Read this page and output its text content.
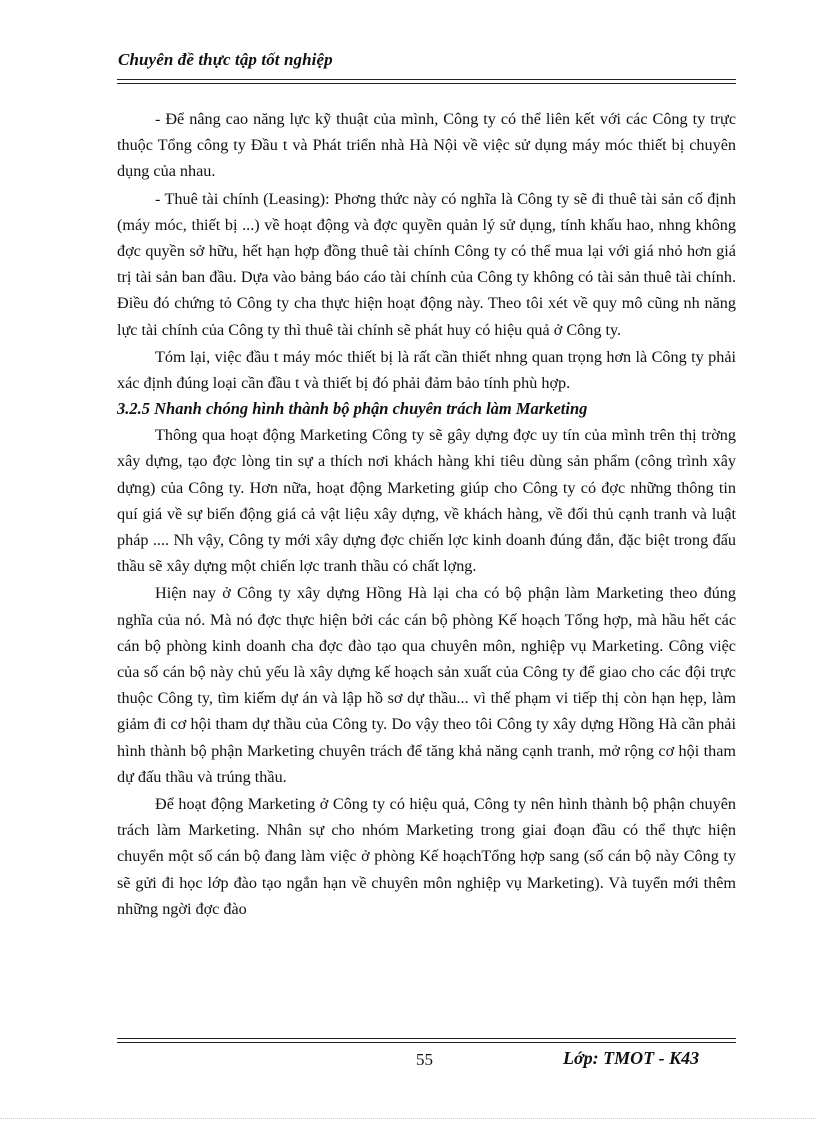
Chuyên đề thực tập tốt nghiệp

- Để nâng cao năng lực kỹ thuật của mình, Công ty có thể liên kết với các Công ty trực thuộc Tổng công ty Đầu t và Phát triển nhà Hà Nội về việc sử dụng máy móc thiết bị chuyên dụng của nhau.

- Thuê tài chính (Leasing): Phơng thức này có nghĩa là Công ty sẽ đi thuê tài sản cố định (máy móc, thiết bị ...) về hoạt động và đợc quyền quản lý sử dụng, tính khấu hao, nhng không đợc quyền sở hữu, hết hạn hợp đồng thuê tài chính Công ty có thể mua lại với giá nhỏ hơn giá trị tài sản ban đầu. Dựa vào bảng báo cáo tài chính của Công ty không có tài sản thuê tài chính. Điều đó chứng tỏ Công ty cha thực hiện hoạt động này. Theo tôi xét về quy mô cũng nh năng lực tài chính của Công ty thì thuê tài chính sẽ phát huy có hiệu quả ở Công ty.

Tóm lại, việc đầu t máy móc thiết bị là rất cần thiết nhng quan trọng hơn là Công ty phải xác định đúng loại cần đầu t và thiết bị đó phải đảm bảo tính phù hợp.

3.2.5 Nhanh chóng hình thành bộ phận chuyên trách làm Marketing

Thông qua hoạt động Marketing Công ty sẽ gây dựng đợc uy tín của mình trên thị trờng xây dựng, tạo đợc lòng tin sự a thích nơi khách hàng khi tiêu dùng sản phẩm (công trình xây dựng) của Công ty. Hơn nữa, hoạt động Marketing giúp cho Công ty có đợc những thông tin quí giá về sự biến động giá cả vật liệu xây dựng, về khách hàng, về đối thủ cạnh tranh và luật pháp .... Nh vậy, Công ty mới xây dựng đợc chiến lợc kinh doanh đúng đắn, đặc biệt trong đấu thầu sẽ xây dựng một chiến lợc tranh thầu có chất lợng.

Hiện nay ở Công ty xây dựng Hồng Hà lại cha có bộ phận làm Marketing theo đúng nghĩa của nó. Mà nó đợc thực hiện bởi các cán bộ phòng Kế hoạch Tổng hợp, mà hầu hết các cán bộ phòng kinh doanh cha đợc đào tạo qua chuyên môn, nghiệp vụ Marketing. Công việc của số cán bộ này chủ yếu là xây dựng kế hoạch sản xuất của Công ty để giao cho các đội trực thuộc Công ty, tìm kiếm dự án và lập hồ sơ dự thầu... vì thế phạm vi tiếp thị còn hạn hẹp, làm giảm đi cơ hội tham dự thầu của Công ty. Do vậy theo tôi Công ty xây dựng Hồng Hà cần phải hình thành bộ phận Marketing chuyên trách để tăng khả năng cạnh tranh, mở rộng cơ hội tham dự đấu thầu và trúng thầu.

Để hoạt động Marketing ở Công ty có hiệu quả, Công ty nên hình thành bộ phận chuyên trách làm Marketing. Nhân sự cho nhóm Marketing trong giai đoạn đầu có thể thực hiện chuyển một số cán bộ đang làm việc ở phòng Kế hoạchTổng hợp sang (số cán bộ này Công ty sẽ gửi đi học lớp đào tạo ngắn hạn về chuyên môn nghiệp vụ Marketing). Và tuyển mới thêm những ngời đợc đào

55	Lớp: TMOT - K43
